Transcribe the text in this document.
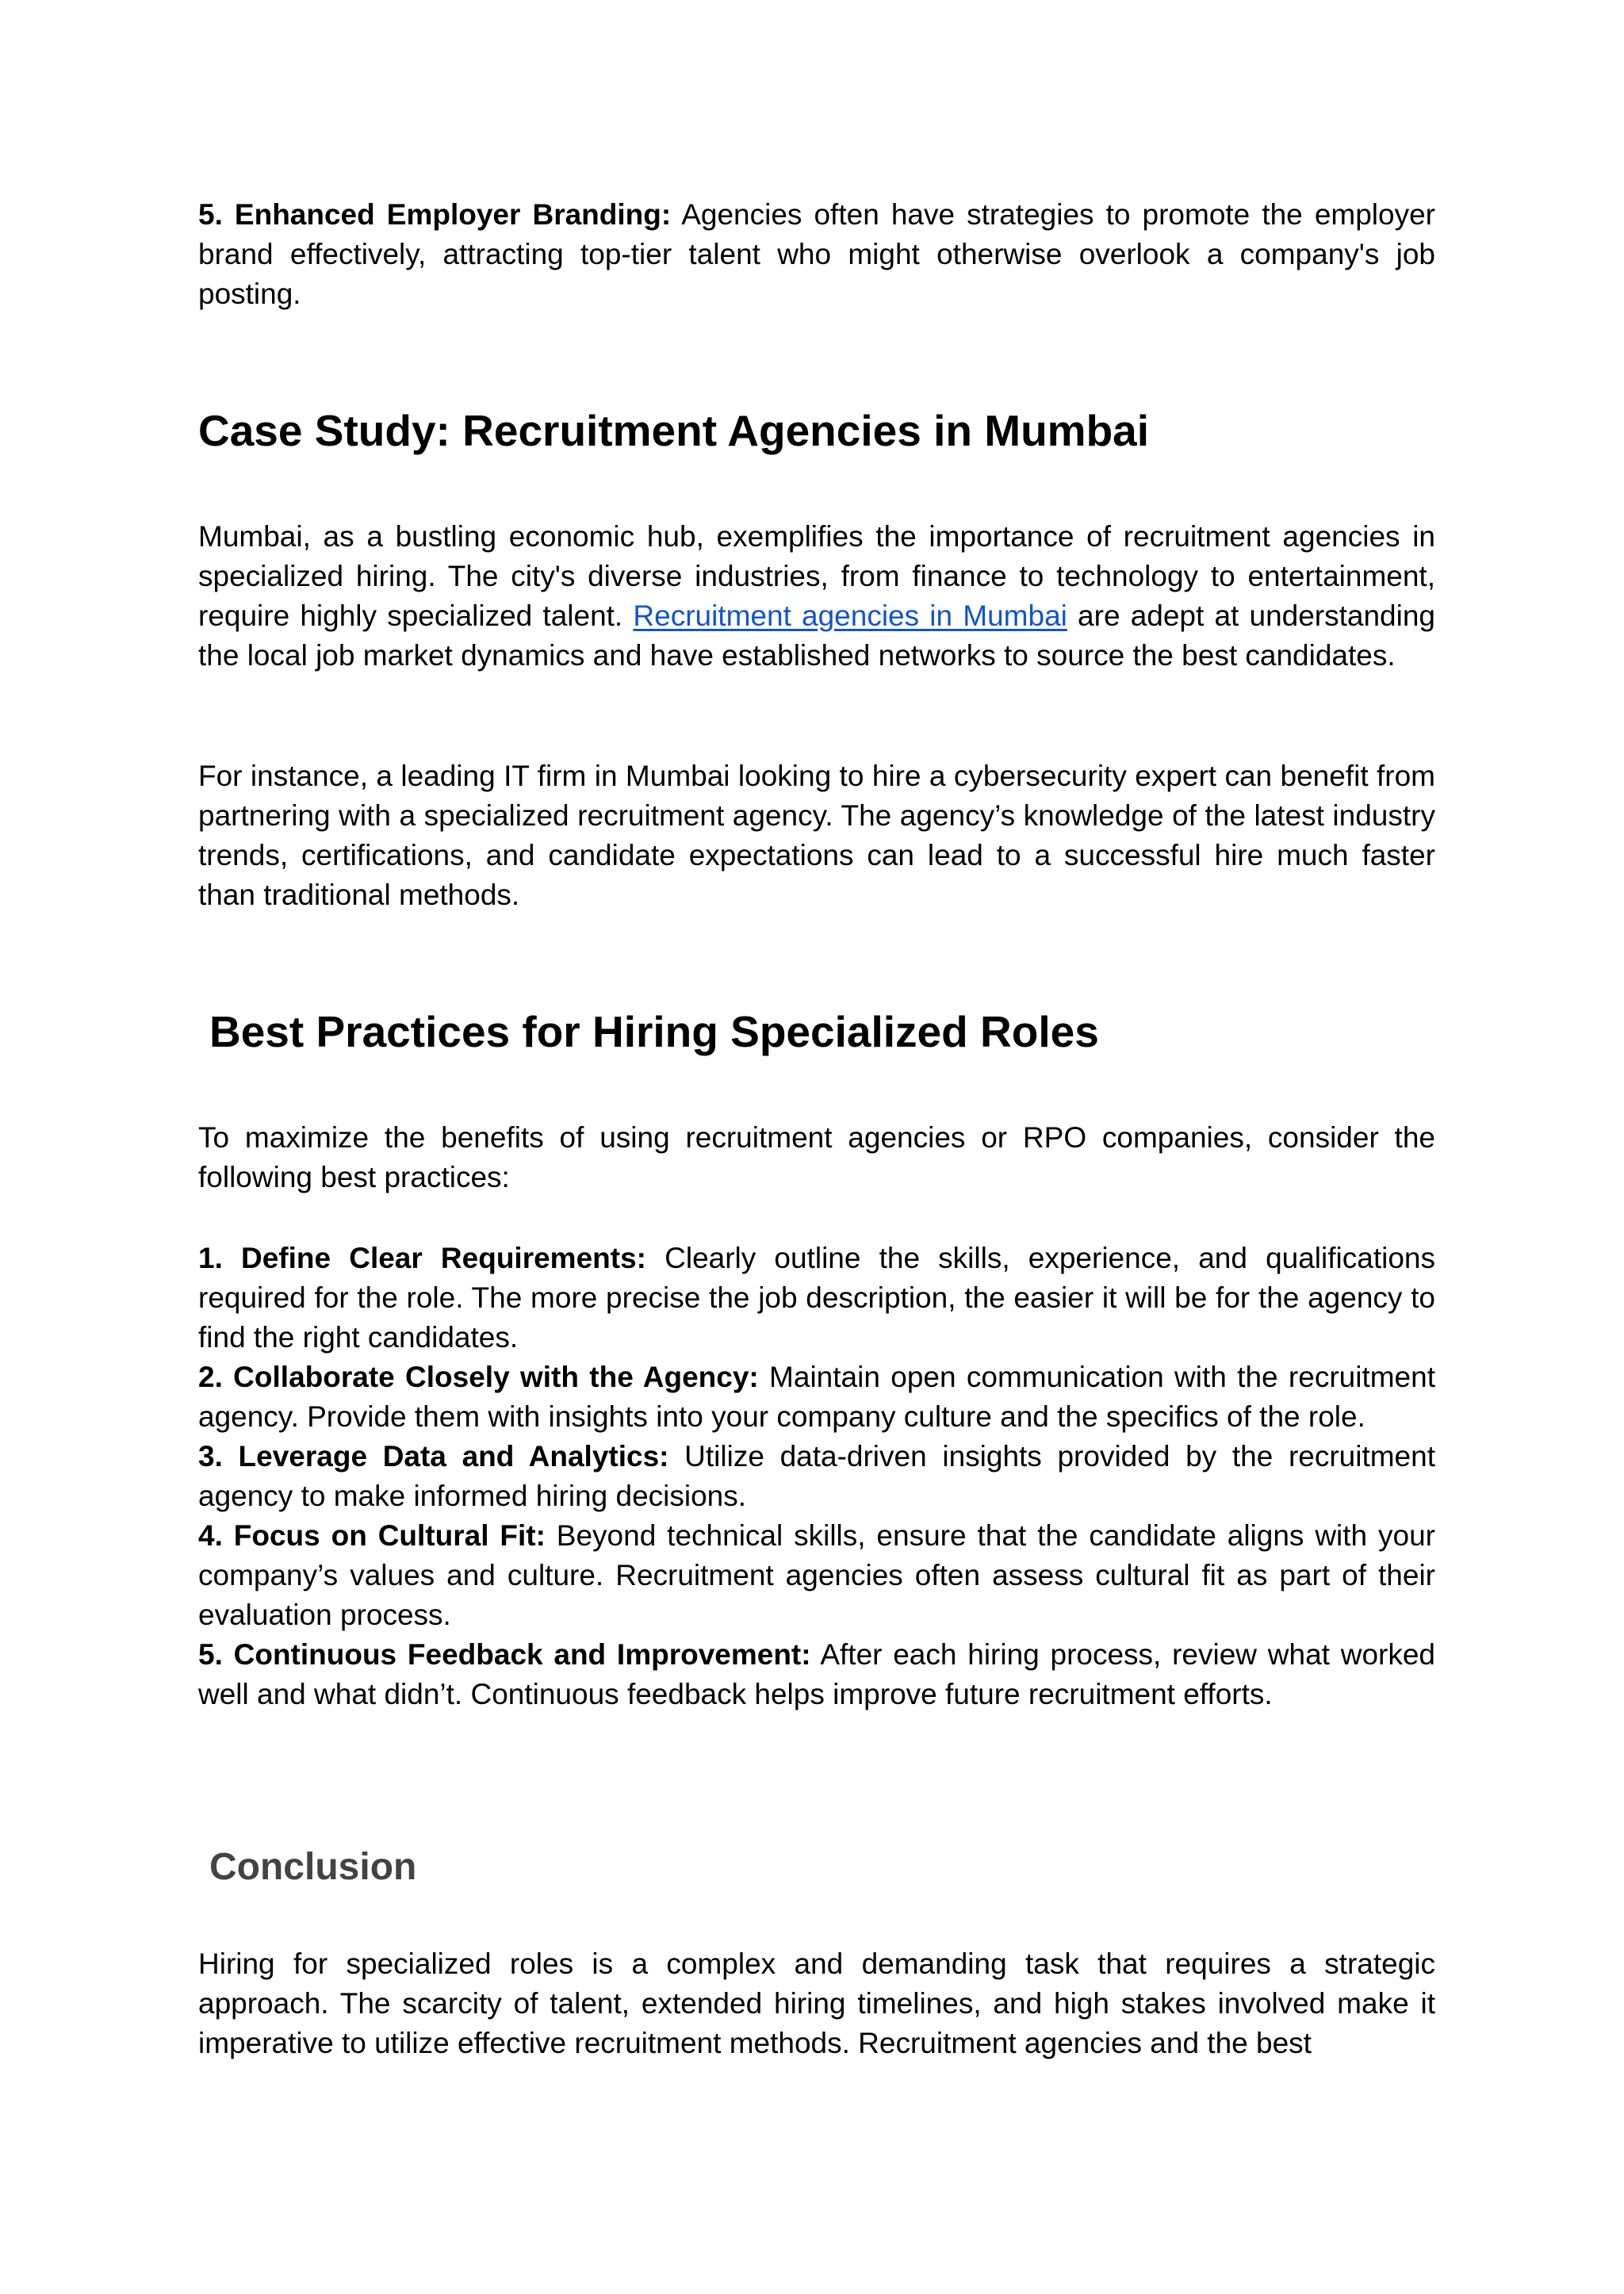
5. Enhanced Employer Branding: Agencies often have strategies to promote the employer brand effectively, attracting top-tier talent who might otherwise overlook a company's job posting.

Case Study: Recruitment Agencies in Mumbai

Mumbai, as a bustling economic hub, exemplifies the importance of recruitment agencies in specialized hiring. The city's diverse industries, from finance to technology to entertainment, require highly specialized talent. Recruitment agencies in Mumbai are adept at understanding the local job market dynamics and have established networks to source the best candidates.

For instance, a leading IT firm in Mumbai looking to hire a cybersecurity expert can benefit from partnering with a specialized recruitment agency. The agency’s knowledge of the latest industry trends, certifications, and candidate expectations can lead to a successful hire much faster than traditional methods.

Best Practices for Hiring Specialized Roles

To maximize the benefits of using recruitment agencies or RPO companies, consider the following best practices:

1. Define Clear Requirements: Clearly outline the skills, experience, and qualifications required for the role. The more precise the job description, the easier it will be for the agency to find the right candidates.

2. Collaborate Closely with the Agency: Maintain open communication with the recruitment agency. Provide them with insights into your company culture and the specifics of the role.

3. Leverage Data and Analytics: Utilize data-driven insights provided by the recruitment agency to make informed hiring decisions.

4. Focus on Cultural Fit: Beyond technical skills, ensure that the candidate aligns with your company’s values and culture. Recruitment agencies often assess cultural fit as part of their evaluation process.

5. Continuous Feedback and Improvement: After each hiring process, review what worked well and what didn’t. Continuous feedback helps improve future recruitment efforts.

Conclusion

Hiring for specialized roles is a complex and demanding task that requires a strategic approach. The scarcity of talent, extended hiring timelines, and high stakes involved make it imperative to utilize effective recruitment methods. Recruitment agencies and the best
